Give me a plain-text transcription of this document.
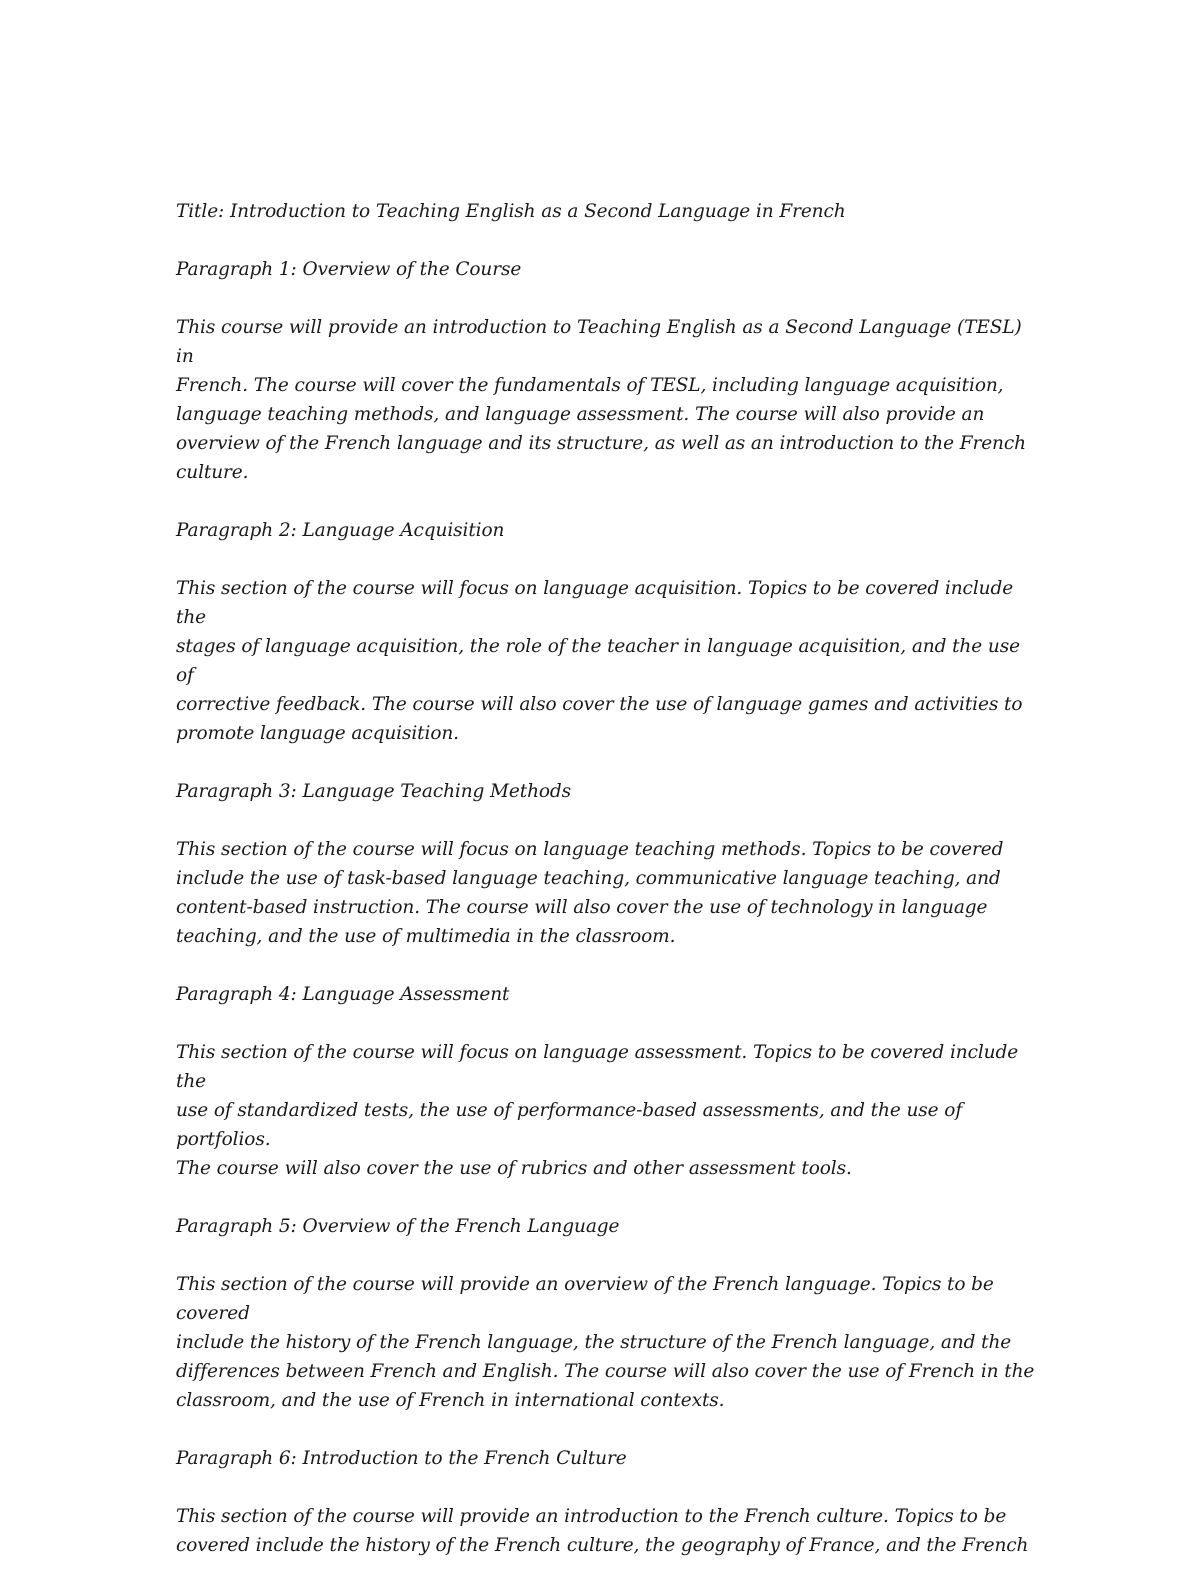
Title: Introduction to Teaching English as a Second Language in French

Paragraph 1: Overview of the Course

This course will provide an introduction to Teaching English as a Second Language (TESL) in
French. The course will cover the fundamentals of TESL, including language acquisition,
language teaching methods, and language assessment. The course will also provide an
overview of the French language and its structure, as well as an introduction to the French
culture.

Paragraph 2: Language Acquisition

This section of the course will focus on language acquisition. Topics to be covered include the
stages of language acquisition, the role of the teacher in language acquisition, and the use of
corrective feedback. The course will also cover the use of language games and activities to
promote language acquisition.

Paragraph 3: Language Teaching Methods

This section of the course will focus on language teaching methods. Topics to be covered
include the use of task-based language teaching, communicative language teaching, and
content-based instruction. The course will also cover the use of technology in language
teaching, and the use of multimedia in the classroom.

Paragraph 4: Language Assessment

This section of the course will focus on language assessment. Topics to be covered include the
use of standardized tests, the use of performance-based assessments, and the use of portfolios.
The course will also cover the use of rubrics and other assessment tools.

Paragraph 5: Overview of the French Language

This section of the course will provide an overview of the French language. Topics to be covered
include the history of the French language, the structure of the French language, and the
differences between French and English. The course will also cover the use of French in the
classroom, and the use of French in international contexts.

Paragraph 6: Introduction to the French Culture

This section of the course will provide an introduction to the French culture. Topics to be
covered include the history of the French culture, the geography of France, and the French
